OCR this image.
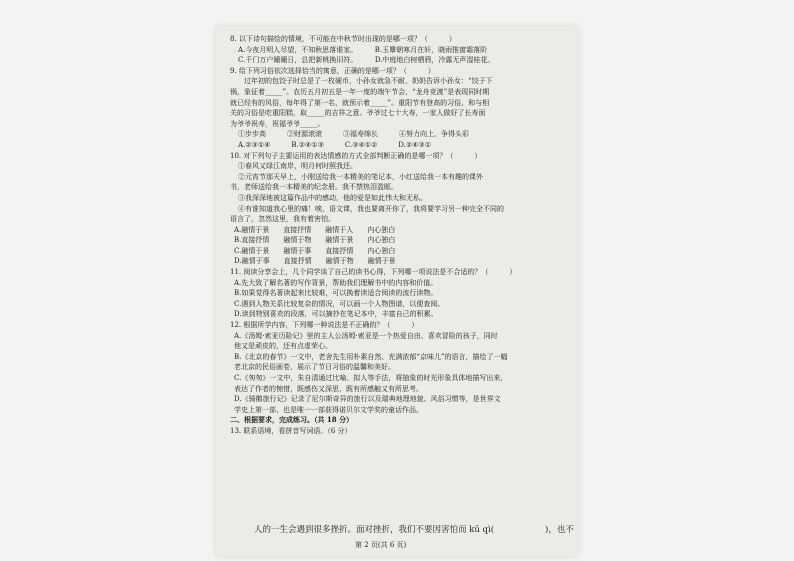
8. 以下诗句描绘的情境，不可能在中秋节时出现的是哪一项？（　　　）
A.今夜月明人尽望，不知秋思落谁家。　　　B.玉簟朝寒月在轩，晓雨推窗霜落阶
C.千门万户曈曈日，总把新桃换旧符。　　　D.中庭地白树栖鸦，冷露无声湿桂花。
9. 给下列习俗依次选择恰当的寓意，正确的是哪一项？（　　　）
过年初的包饺子时总是了一枚硬币，小孙女就急不耐，奶奶告诉小孙女：“饺子下
锅，象征着_____”。农历五月初五是一年一度的端午节会，“龙舟竞渡”是表现同时期
就已经有的风俗，每年得了第一名，就预示着_____”。重阳节有登高的习俗，和与相
关的习俗是吃重阳糕，取_____的吉祥之意。爷爷过七十大寿，一家人做好了长寿面
为爷爷祝寿，祝福爷爷_____。
①步步高　　　②财源滚滚　　　③福寿绵长　　　④努力向上，争得头彩
A.②③①④　　　B.②④①③　　　C.③④①②　　　D.②④③①
10. 对下列句子主要运用的表达情感的方式全部判断正确的是哪一项？（　　　）
①春风又绿江南岸，明月何时照我还。
②元宵节那天早上，小刚送给我一本精美的笔记本，小红送给我一本有趣的课外
书，老师送给我一本精美的纪念册。我不禁热泪盈眶。
③我深深地被这篇作品中的感动，他的爱是如此伟大和无私。
④有谁知道我心里的痛！唉，语文课，我也要离开你了，我将要学习另一种完全不同的
语言了，忽然这里，我有着害怕。
A.融情于景　　直接抒情　　融情于人　　内心独白
B.直接抒情　　融情于物　　融情于景　　内心独白
C.融情于景　　融情于事　　直接抒情　　内心独白
D.融情于事　　直接抒情　　融情于物　　融情于景
11. 阅读分享会上，几个同学谈了自己的读书心得，下列哪一项说法是不合适的？（　　　）
A.先大致了解名著的写作背景，帮助我们理解书中的内容和价值。
B.如果觉得名著读起来比较难，可以换着读适合阅读的流行读物。
C.遇到人物关系比较复杂的情况，可以画一个人物图谱，以便查阅。
D.读到特别喜欢的段落，可以摘抄在笔记本中，丰富自己的积累。
12. 根据所学内容，下列哪一种说法是不正确的？（　　　）
A.《汤姆·索亚历险记》里的主人公汤姆·索亚是一个热爱自由、喜欢冒险的孩子，同时
他又是顽皮的，还有点虚荣心。
B.《北京的春节》一文中，老舍先生用朴素自然、充满浓郁“京味儿”的语言，描绘了一幅
老北京的民俗画卷，展示了节日习俗的温馨和美好。
C.《匆匆》一文中，朱自清通过比喻、拟人等手法，将抽象的时光形象具体地描写出来，
表达了作者的惋惜，既感伤又深思，既有所感触又有所思考。
D.《骑鹅旅行记》记录了尼尔斯奇异的旅行以及瑞典地理地貌、风俗习惯等，是世界文
学史上第一部，也是唯一一部获得诺贝尔文学奖的童话作品。
二、根据要求，完成练习。（共 18 分）
13. 联系语境，看拼音写词语。（6 分）
人的一生会遇到很多挫折。面对挫折，我们不要因害怕而 kū qì(　　　　　　)，也不
第 2 页(共 6 页)
